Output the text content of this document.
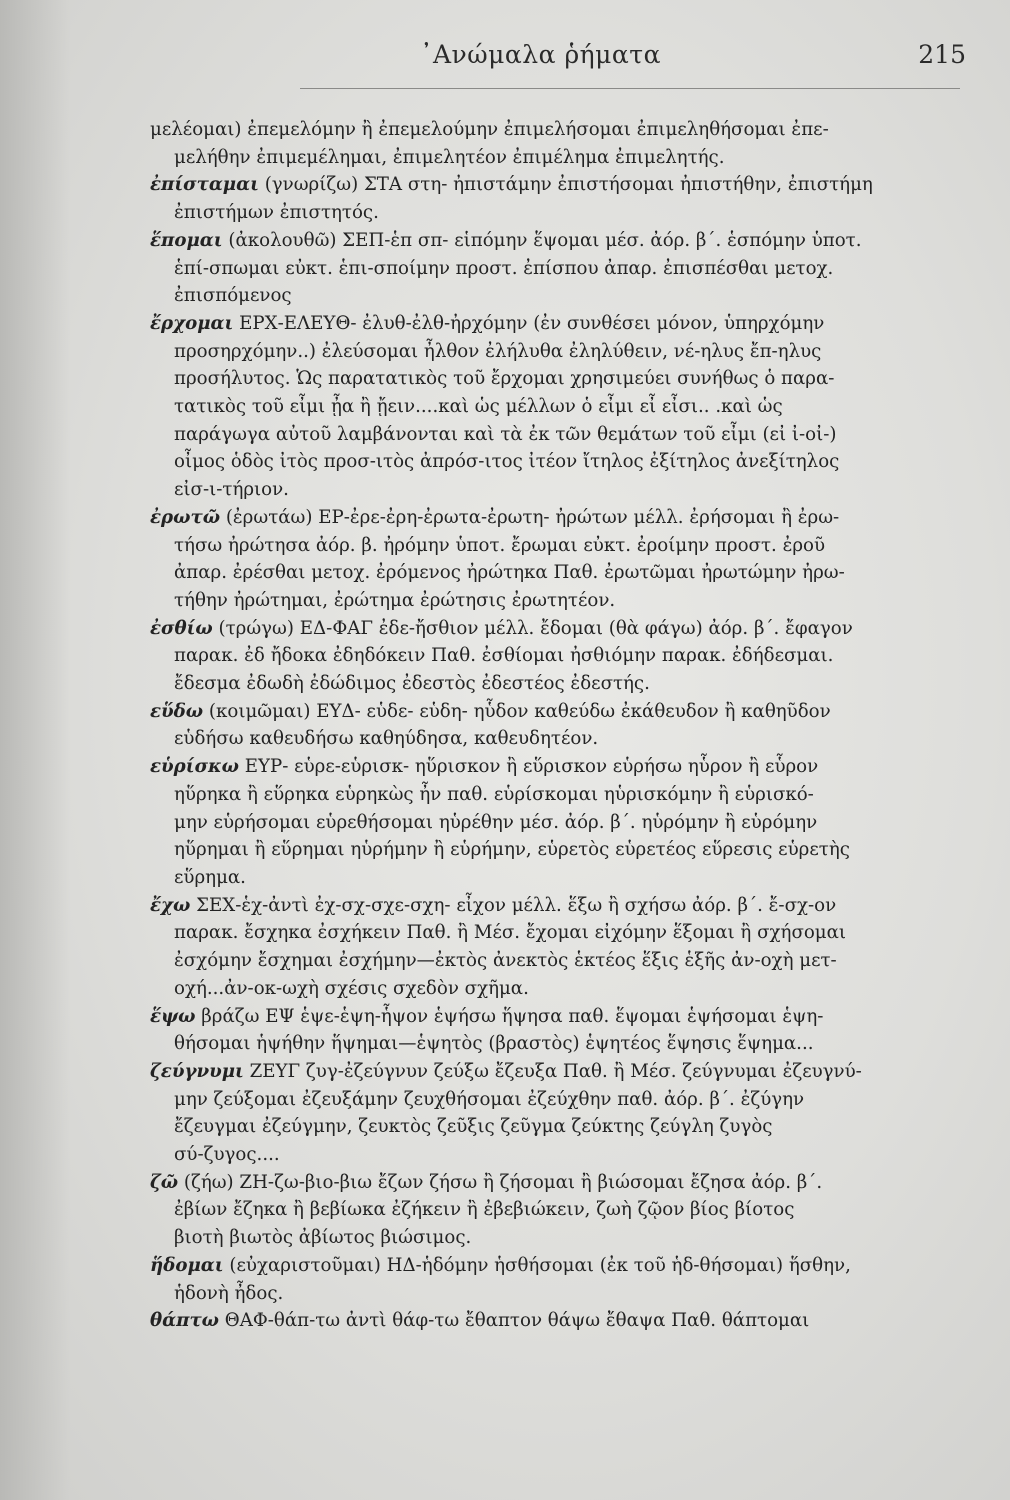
᾽Ανώμαλα ῥήματα	215
μελέομαι) ἐπεμελόμην ἢ ἐπεμελούμην ἐπιμελήσομαι ἐπιμεληθήσομαι ἐπε-
μελήθην ἐπιμεμέλημαι, ἐπιμελητέον ἐπιμέλημα ἐπιμελητής.
ἐπίσταμαι (γνωρίζω) ΣΤΑ στη- ἠπιστάμην ἐπιστήσομαι ἠπιστήθην, ἐπιστήμη
ἐπιστήμων ἐπιστητός.
ἕπομαι (ἀκολουθῶ) ΣΕΠ-ἑπ σπ- εἱπόμην ἕψομαι μέσ. ἀόρ. β΄. ἑσπόμην ὑποτ.
ἑπί-σπωμαι εὐκτ. ἑπι-σποίμην προστ. ἐπίσπου ἀπαρ. ἐπισπέσθαι μετοχ.
ἐπισπόμενος
ἔρχομαι ΕΡΧ-ΕΛΕΥΘ- ἐλυθ-ἐλθ-ἠρχόμην (ἐν συνθέσει μόνον, ὑπηρχόμην
προσηρχόμην..) ἐλεύσομαι ἦλθον ἐλήλυθα ἐληλύθειν, νέ-ηλυς ἔπ-ηλυς
προσήλυτος. Ὡς παρατατικὸς τοῦ ἔρχομαι χρησιμεύει συνήθως ὁ παρα-
τατικὸς τοῦ εἶμι ᾖα ἢ ᾔειν....καὶ ὡς μέλλων ὁ εἶμι εἶ εἶσι.. .καὶ ὡς
παράγωγα αὐτοῦ λαμβάνονται καὶ τὰ ἐκ τῶν θεμάτων τοῦ εἶμι (εἰ ἰ-οἰ-)
οἶμος ὁδὸς ἰτὸς προσ-ιτὸς ἀπρόσ-ιτος ἰτέον ἴτηλος ἐξίτηλος ἀνεξίτηλος
εἰσ-ι-τήριον.
ἐρωτῶ (ἐρωτάω) ΕΡ-ἐρε-ἐρη-ἐρωτα-ἐρωτη- ἠρώτων μέλλ. ἐρήσομαι ἢ ἐρω-
τήσω ἠρώτησα ἀόρ. β. ἠρόμην ὑποτ. ἔρωμαι εὐκτ. ἐροίμην προστ. ἐροῦ
ἀπαρ. ἐρέσθαι μετοχ. ἐρόμενος ἠρώτηκα Παθ. ἐρωτῶμαι ἠρωτώμην ἠρω-
τήθην ἠρώτημαι, ἐρώτημα ἐρώτησις ἐρωτητέον.
ἐσθίω (τρώγω) ΕΔ-ΦΑΓ ἐδε-ἤσθιον μέλλ. ἔδομαι (θὰ φάγω) ἀόρ. β΄. ἔφαγον
παρακ. ἐδ ἤδοκα ἐδηδόκειν Παθ. ἐσθίομαι ἠσθιόμην παρακ. ἐδήδεσμαι.
ἔδεσμα ἐδωδὴ ἐδώδιμος ἐδεστὸς ἐδεστέος ἐδεστής.
εὕδω (κοιμῶμαι) ΕΥΔ- εὑδε- εὑδη- ηὗδον καθεύδω ἐκάθευδον ἢ καθηῦδον
εὑδήσω καθευδήσω καθηύδησα, καθευδητέον.
εὑρίσκω ΕΥΡ- εὑρε-εὑρισκ- ηὕρισκον ἢ εὕρισκον εὑρήσω ηὗρον ἢ εὗρον
ηὕρηκα ἢ εὕρηκα εὑρηκὼς ἦν παθ. εὑρίσκομαι ηὑρισκόμην ἢ εὑρισκό-
μην εὑρήσομαι εὑρεθήσομαι ηὑρέθην μέσ. ἀόρ. β΄. ηὑρόμην ἢ εὑρόμην
ηὕρημαι ἢ εὕρημαι ηὑρήμην ἢ εὑρήμην, εὑρετὸς εὑρετέος εὕρεσις εὑρετὴς
εὕρημα.
ἔχω ΣΕΧ-ἑχ-ἀντὶ ἐχ-σχ-σχε-σχη- εἶχον μέλλ. ἕξω ἢ σχήσω ἀόρ. β΄. ἔ-σχ-ον
παρακ. ἔσχηκα ἐσχήκειν Παθ. ἢ Μέσ. ἔχομαι εἰχόμην ἕξομαι ἢ σχήσομαι
ἐσχόμην ἔσχημαι ἐσχήμην—ἐκτὸς ἀνεκτὸς ἑκτέος ἕξις ἑξῆς ἀν-οχὴ μετ-
οχή...ἀν-οκ-ωχὴ σχέσις σχεδὸν σχῆμα.
ἕψω βράζω ΕΨ ἑψε-ἑψη-ἧψον ἑψήσω ἥψησα παθ. ἕψομαι ἑψήσομαι ἑψη-
θήσομαι ἡψήθην ἥψημαι—ἑψητὸς (βραστὸς) ἑψητέος ἕψησις ἕψημα...
ζεύγνυμι ΖΕΥΓ ζυγ-ἐζεύγνυν ζεύξω ἔζευξα Παθ. ἢ Μέσ. ζεύγνυμαι ἐζευγνύ-
μην ζεύξομαι ἐζευξάμην ζευχθήσομαι ἐζεύχθην παθ. ἀόρ. β΄. ἐζύγην
ἔζευγμαι ἐζεύγμην, ζευκτὸς ζεῦξις ζεῦγμα ζεύκτης ζεύγλη ζυγὸς
σύ-ζυγος....
ζῶ (ζήω) ΖΗ-ζω-βιο-βιω ἔζων ζήσω ἢ ζήσομαι ἢ βιώσομαι ἔζησα ἀόρ. β΄.
ἐβίων ἔζηκα ἢ βεβίωκα ἐζήκειν ἢ ἐβεβιώκειν, ζωὴ ζῷον βίος βίοτος
βιοτὴ βιωτὸς ἀβίωτος βιώσιμος.
ἥδομαι (εὐχαριστοῦμαι) ΗΔ-ἡδόμην ἡσθήσομαι (ἐκ τοῦ ἡδ-θήσομαι) ἥσθην,
ἡδονὴ ἦδος.
θάπτω ΘΑΦ-θάπ-τω ἀντὶ θάφ-τω ἔθαπτον θάψω ἔθαψα Παθ. θάπτομαι
